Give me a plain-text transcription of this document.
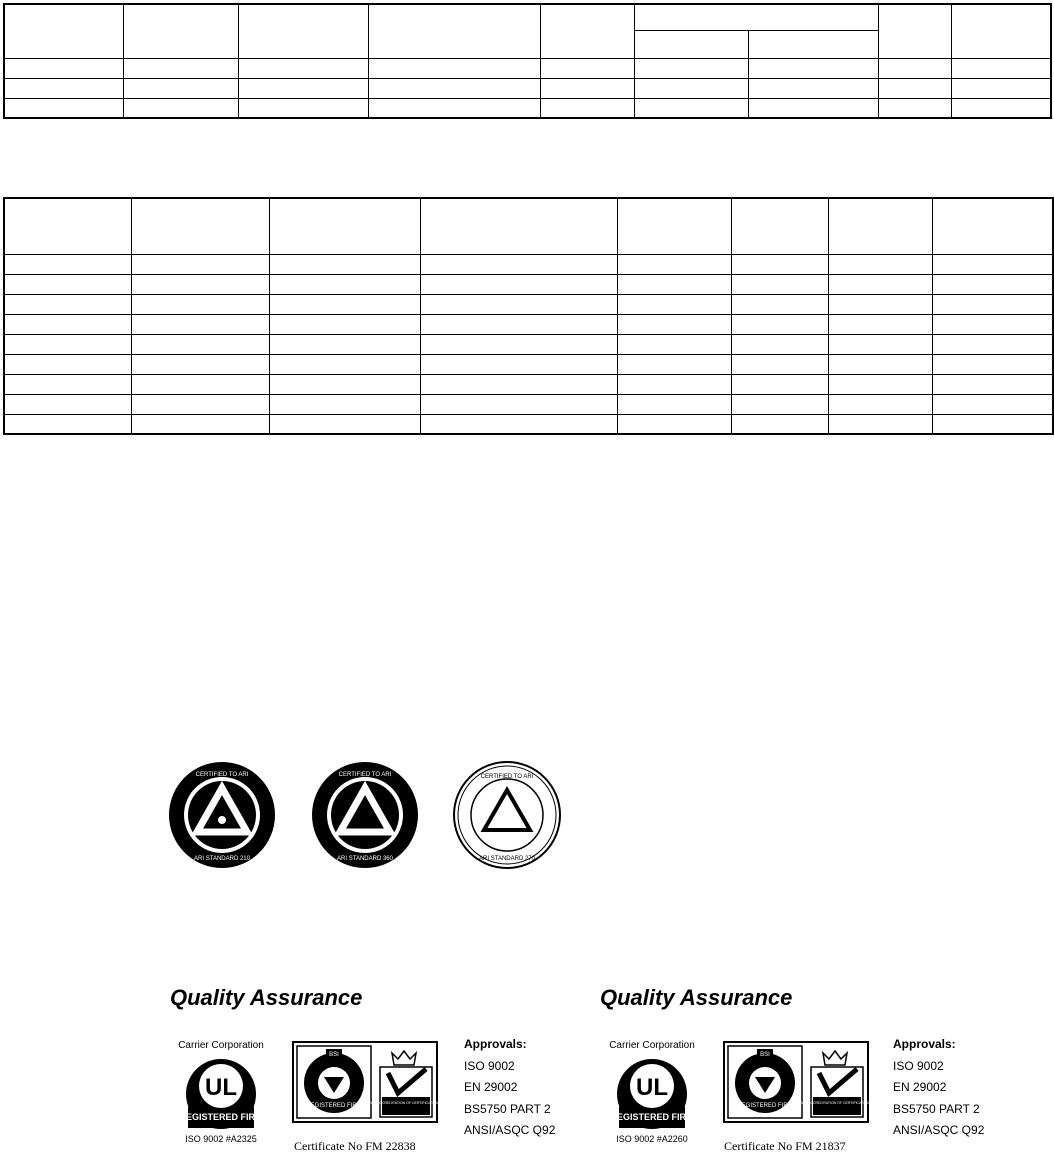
CERTIFIED TO ARI
ARI STANDARD 210
CERTIFIED TO ARI
ARI STANDARD 360
CERTIFIED TO ARI
ARI STANDARD 270
Quality Assurance
UL
REGISTERED FIRM
Carrier Corporation
ISO 9002 #A2325
BSI
REGISTERED FIRM
NATIONAL ACCREDITATION OF CERTIFICATION BODIES
Certificate No FM 22838
Approvals:
ISO 9002
EN 29002
BS5750 PART 2
ANSI/ASQC Q92
Quality Assurance
UL
REGISTERED FIRM
Carrier Corporation
ISO 9002 #A2260
BSI
REGISTERED FIRM
NATIONAL ACCREDITATION OF CERTIFICATION BODIES
Certificate No FM 21837
Approvals:
ISO 9002
EN 29002
BS5750 PART 2
ANSI/ASQC Q92
